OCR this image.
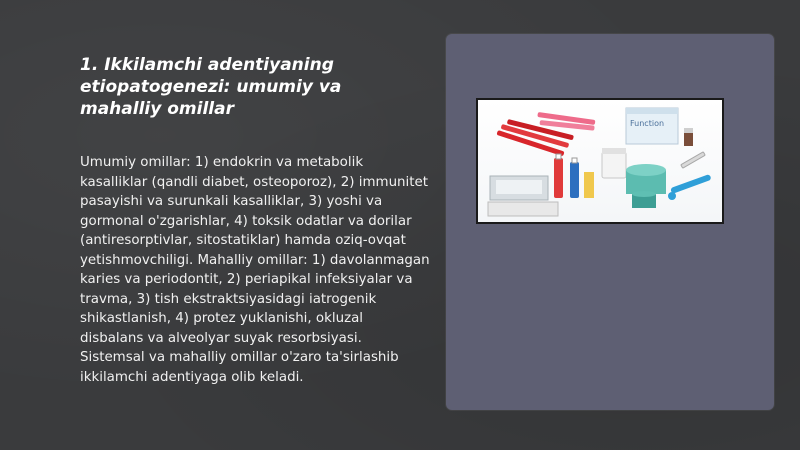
1. Ikkilamchi adentiyaning etiopatogenezi: umumiy va mahalliy omillar

Umumiy omillar: 1) endokrin va metabolik kasalliklar (qandli diabet, osteoporoz), 2) immunitet pasayishi va surunkali kasalliklar, 3) yoshi va gormonal o'zgarishlar, 4) toksik odatlar va dorilar (antiresorptivlar, sitostatiklar) hamda oziq-ovqat yetishmovchiligi. Mahalliy omillar: 1) davolanmagan karies va periodontit, 2) periapikal infeksiyalar va travma, 3) tish ekstraktsiyasidagi iatrogenik shikastlanish, 4) protez yuklanishi, okluzal disbalans va alveolyar suyak resorbsiyasi. Sistemsal va mahalliy omillar o'zaro ta'sirlashib ikkilamchi adentiyaga olib keladi.

Function
